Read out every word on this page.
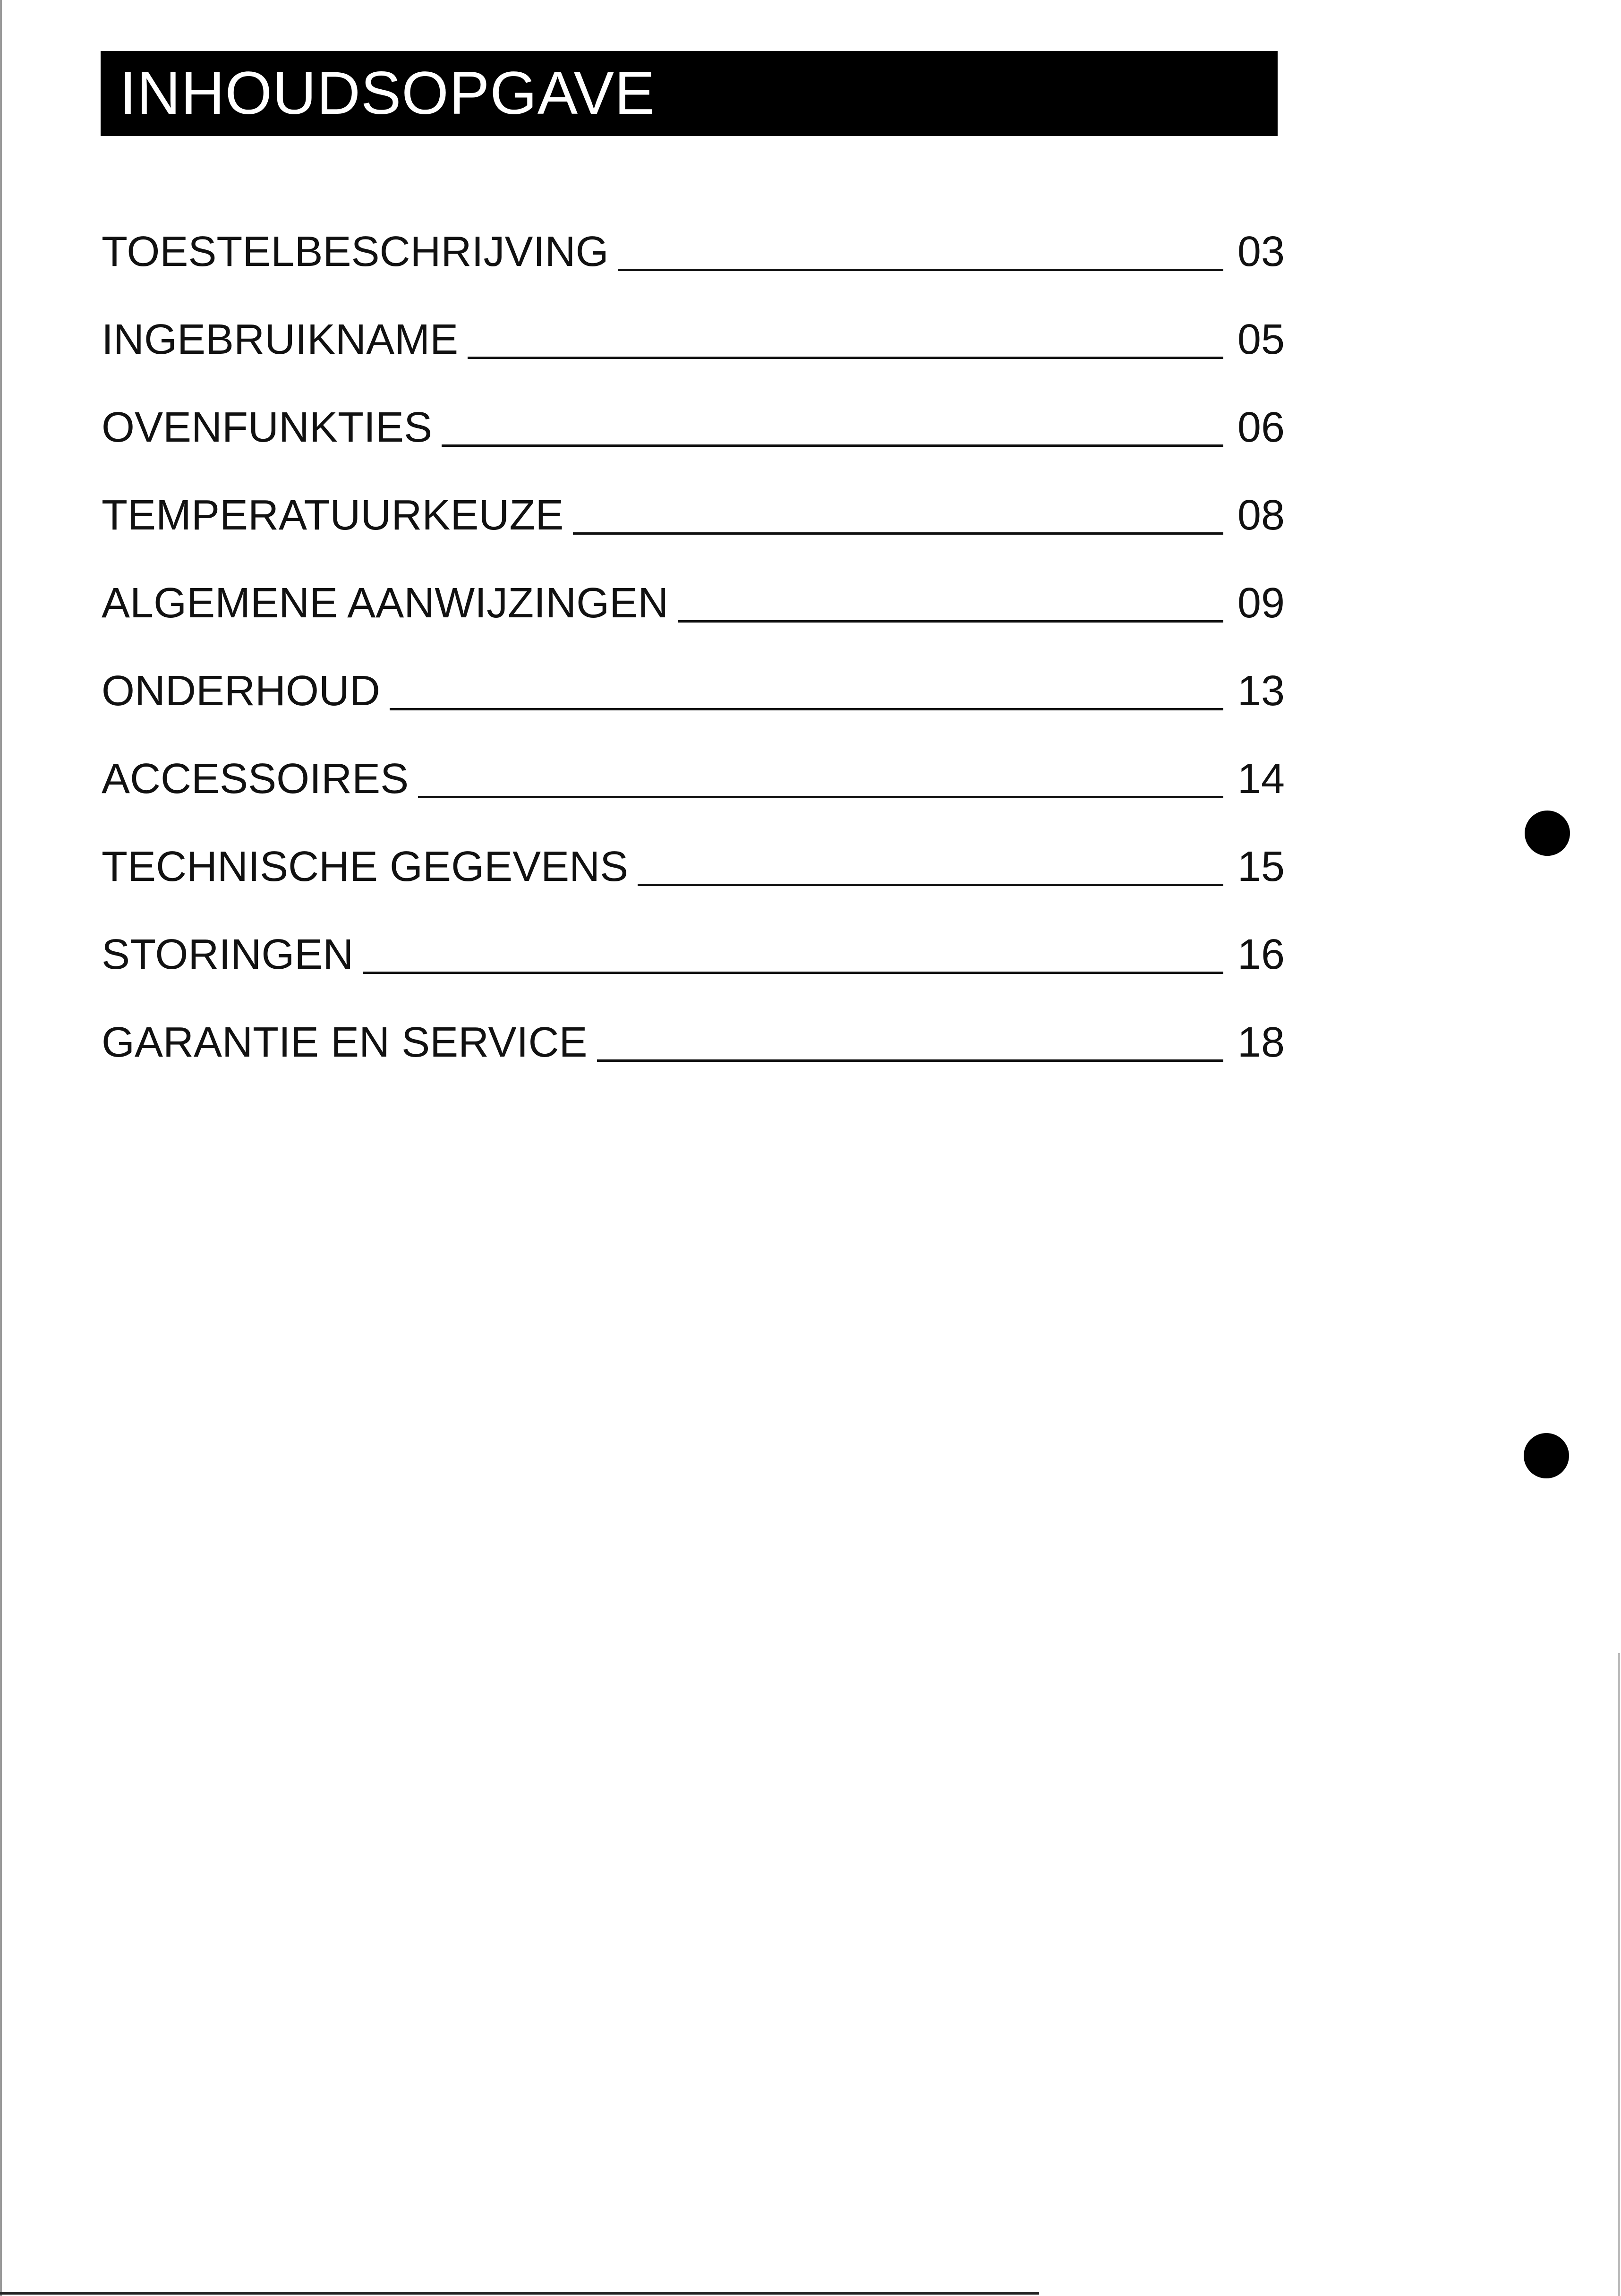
INHOUDSOPGAVE
TOESTELBESCHRIJVING	03
INGEBRUIKNAME	05
OVENFUNKTIES	06
TEMPERATUURKEUZE	08
ALGEMENE AANWIJZINGEN	09
ONDERHOUD	13
ACCESSOIRES	14
TECHNISCHE GEGEVENS	15
STORINGEN	16
GARANTIE EN SERVICE	18
